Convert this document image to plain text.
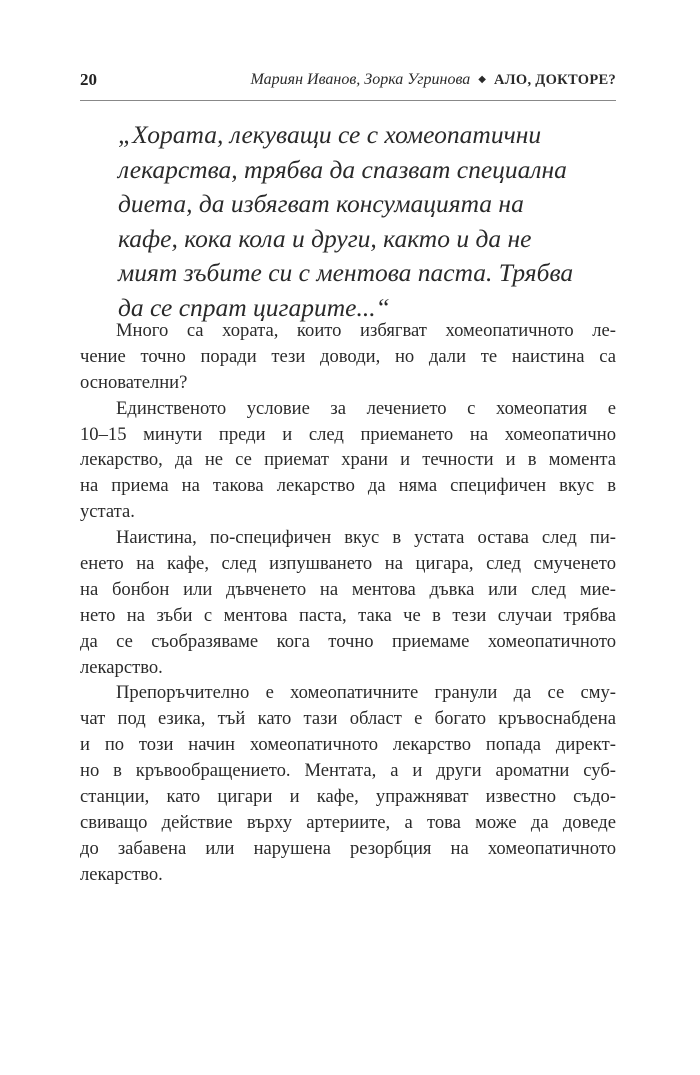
20	Мариян Иванов, Зорка Угринова ◆ АЛО, ДОКТОРЕ?
„Хората, лекуващи се с хомеопатични
лекарства, трябва да спазват специална
диета, да избягват консумацията на
кафе, кока кола и други, както и да не
мият зъбите си с ментова паста. Трябва
да се спрат цигарите...“
Много са хората, които избягват хомеопатичното ле-
чение точно поради тези доводи, но дали те наистина са
основателни?
Единственото условие за лечението с хомеопатия е
10–15 минути преди и след приемането на хомеопатично
лекарство, да не се приемат храни и течности и в момента
на приема на такова лекарство да няма специфичен вкус в
устата.
Наистина, по-специфичен вкус в устата остава след пи-
енето на кафе, след изпушването на цигара, след смученето
на бонбон или дъвченето на ментова дъвка или след мие-
нето на зъби с ментова паста, така че в тези случаи трябва
да се съобразяваме кога точно приемаме хомеопатичното
лекарство.
Препоръчително е хомеопатичните гранули да се сму-
чат под езика, тъй като тази област е богато кръвоснабдена
и по този начин хомеопатичното лекарство попада директ-
но в кръвообращението. Ментата, а и други ароматни суб-
станции, като цигари и кафе, упражняват известно съдо-
свиващо действие върху артериите, а това може да доведе
до забавена или нарушена резорбция на хомеопатичното
лекарство.
